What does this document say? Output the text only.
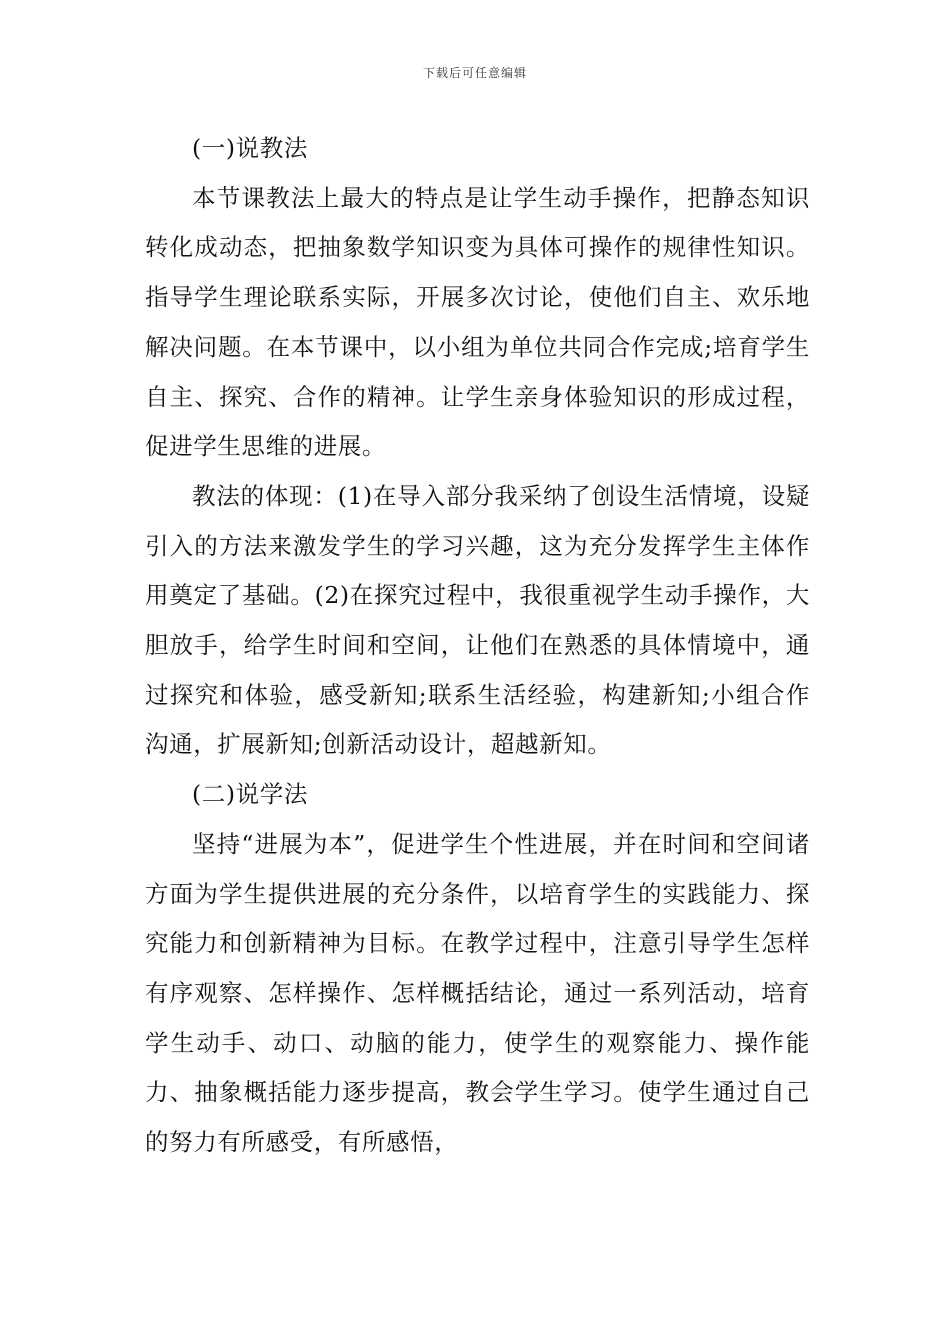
下载后可任意编辑

(一)说教法

本节课教法上最大的特点是让学生动手操作，把静态知识转化成动态，把抽象数学知识变为具体可操作的规律性知识。指导学生理论联系实际，开展多次讨论，使他们自主、欢乐地解决问题。在本节课中，以小组为单位共同合作完成;培育学生自主、探究、合作的精神。让学生亲身体验知识的形成过程，促进学生思维的进展。

教法的体现：(1)在导入部分我采纳了创设生活情境，设疑引入的方法来激发学生的学习兴趣，这为充分发挥学生主体作用奠定了基础。(2)在探究过程中，我很重视学生动手操作，大胆放手，给学生时间和空间，让他们在熟悉的具体情境中，通过探究和体验，感受新知;联系生活经验，构建新知;小组合作沟通，扩展新知;创新活动设计，超越新知。

(二)说学法

坚持“进展为本”，促进学生个性进展，并在时间和空间诸方面为学生提供进展的充分条件，以培育学生的实践能力、探究能力和创新精神为目标。在教学过程中，注意引导学生怎样有序观察、怎样操作、怎样概括结论，通过一系列活动，培育学生动手、动口、动脑的能力，使学生的观察能力、操作能力、抽象概括能力逐步提高，教会学生学习。使学生通过自己的努力有所感受，有所感悟，
